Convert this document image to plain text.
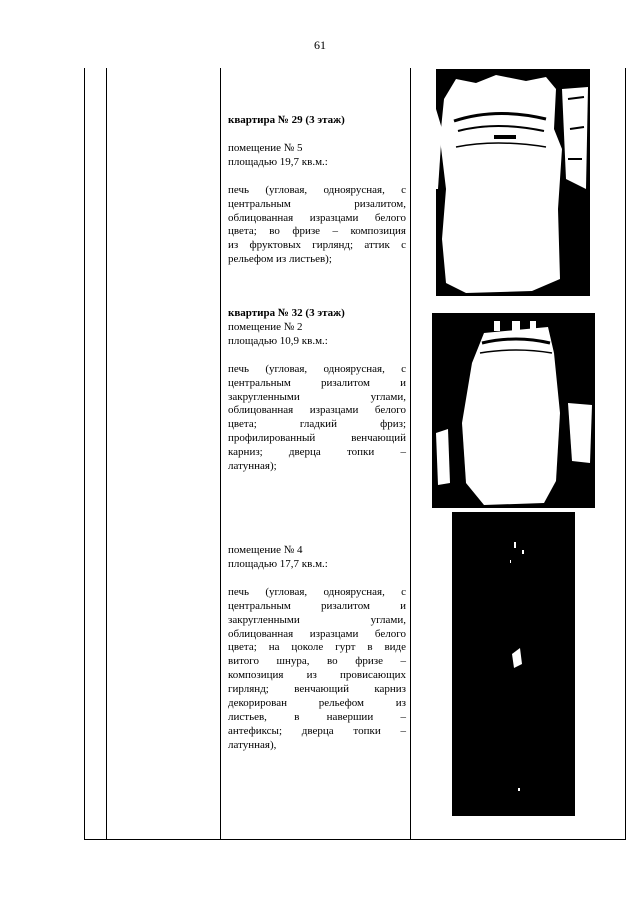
61
квартира № 29 (3 этаж)
помещение № 5
площадью 19,7 кв.м.:
печь (угловая, одноярусная, с
центральным ризалитом,
облицованная изразцами белого
цвета; во фризе – композиция
из фруктовых гирлянд; аттик с
рельефом из листьев);
квартира № 32 (3 этаж)
помещение № 2
площадью 10,9 кв.м.:
печь (угловая, одноярусная, с
центральным ризалитом и
закругленными углами,
облицованная изразцами белого
цвета; гладкий фриз;
профилированный венчающий
карниз; дверца топки –
латунная);
помещение № 4
площадью 17,7 кв.м.:
печь (угловая, одноярусная, с
центральным ризалитом и
закругленными углами,
облицованная изразцами белого
цвета; на цоколе гурт в виде
витого шнура, во фризе –
композиция из провисающих
гирлянд; венчающий карниз
декорирован рельефом из
листьев, в навершии –
антефиксы; дверца топки –
латунная),
